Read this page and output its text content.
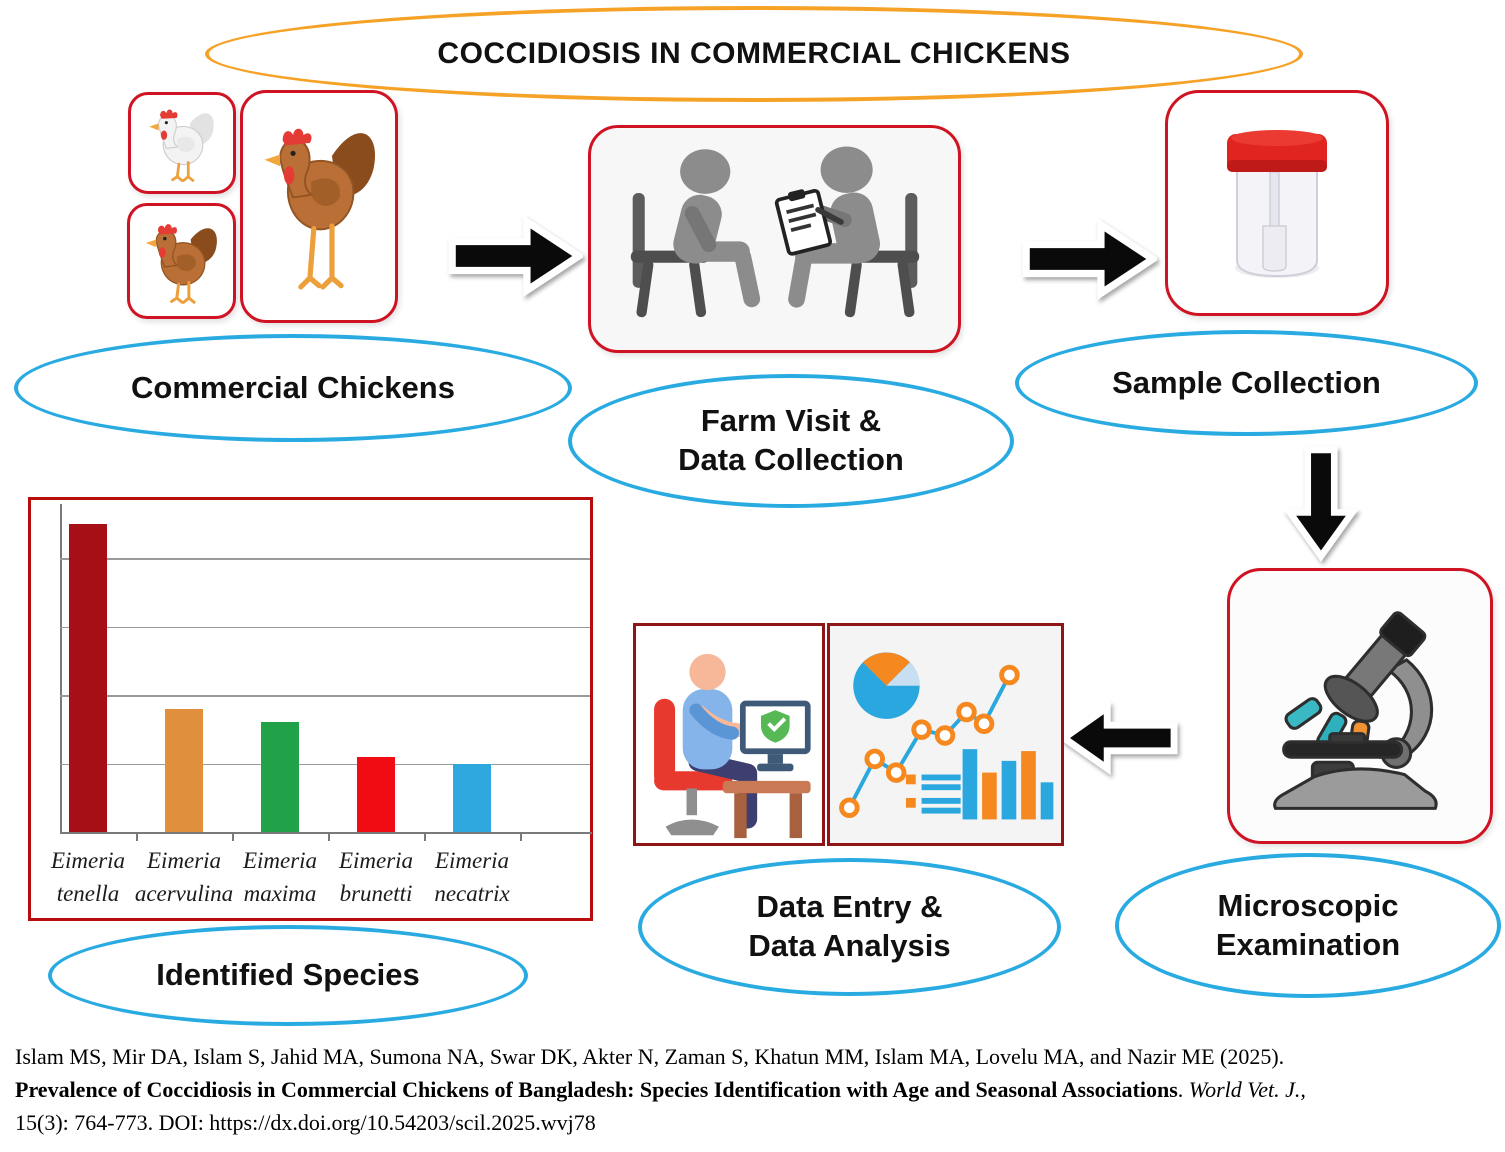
COCCIDIOSIS IN COMMERCIAL CHICKENS
Commercial Chickens
Farm Visit &
Data Collection
Sample Collection
Microscopic
Examination
Data Entry &
Data Analysis
Eimeria
tenella
Eimeria
acervulina
Eimeria
maxima
Eimeria
brunetti
Eimeria
necatrix
Identified Species

Islam MS, Mir DA, Islam S, Jahid MA, Sumona NA, Swar DK, Akter N, Zaman S, Khatun MM, Islam MA, Lovelu MA, and Nazir ME (2025).
Prevalence of Coccidiosis in Commercial Chickens of Bangladesh: Species Identification with Age and Seasonal Associations. World Vet. J.,
15(3): 764-773. DOI: https://dx.doi.org/10.54203/scil.2025.wvj78
